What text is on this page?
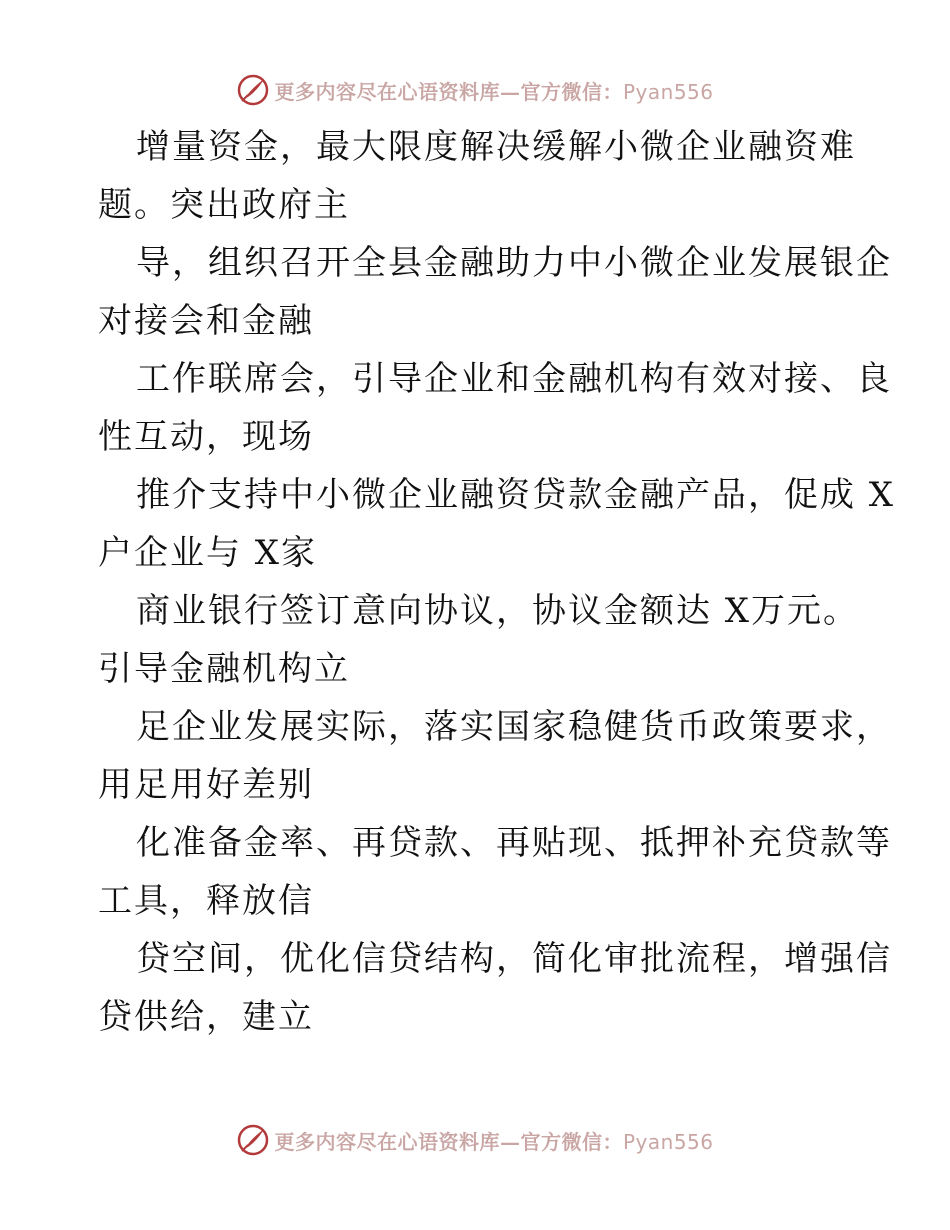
更多内容尽在心语资料库—官方微信：Pyan556
增量资金，最大限度解决缓解小微企业融资难
题。突出政府主
导，组织召开全县金融助力中小微企业发展银企
对接会和金融
工作联席会，引导企业和金融机构有效对接、良
性互动，现场
推介支持中小微企业融资贷款金融产品，促成 X
户企业与 X家
商业银行签订意向协议，协议金额达 X万元。
引导金融机构立
足企业发展实际，落实国家稳健货币政策要求，
用足用好差别
化准备金率、再贷款、再贴现、抵押补充贷款等
工具，释放信
贷空间，优化信贷结构，简化审批流程，增强信
贷供给，建立
更多内容尽在心语资料库—官方微信：Pyan556
